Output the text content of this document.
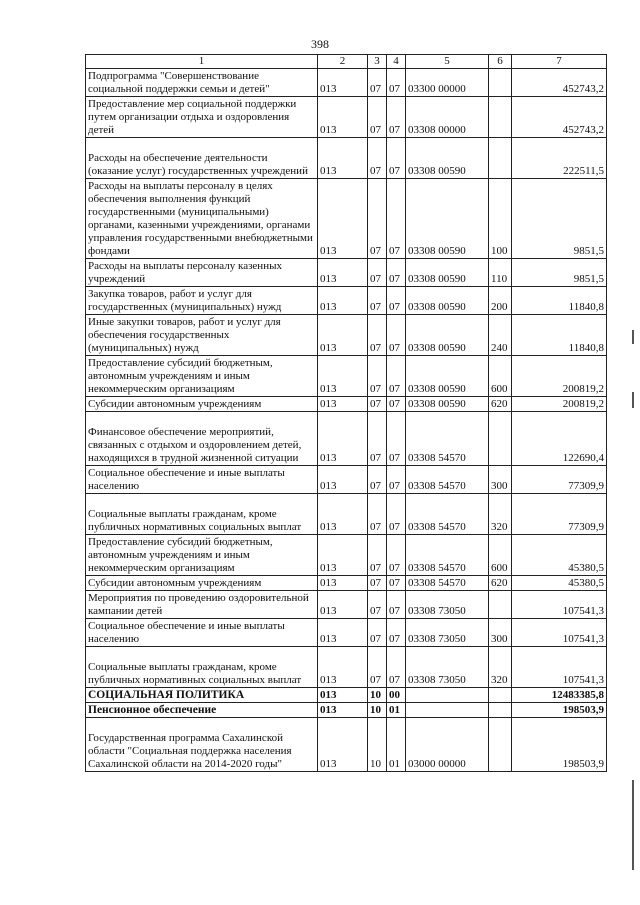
398
1	2	3	4	5	6	7
Подпрограмма "Совершенствование социальной поддержки семьи и детей"	013	07	07	03300 00000		452743,2
Предоставление мер социальной поддержки путем организации отдыха и оздоровления детей	013	07	07	03308 00000		452743,2
Расходы на обеспечение деятельности (оказание услуг) государственных учреждений	013	07	07	03308 00590		222511,5
Расходы на выплаты персоналу в целях обеспечения выполнения функций государственными (муниципальными) органами, казенными учреждениями, органами управления государственными внебюджетными фондами	013	07	07	03308 00590	100	9851,5
Расходы на выплаты персоналу казенных учреждений	013	07	07	03308 00590	110	9851,5
Закупка товаров, работ и услуг для государственных (муниципальных) нужд	013	07	07	03308 00590	200	11840,8
Иные закупки товаров, работ и услуг для обеспечения государственных (муниципальных) нужд	013	07	07	03308 00590	240	11840,8
Предоставление субсидий бюджетным, автономным учреждениям и иным некоммерческим организациям	013	07	07	03308 00590	600	200819,2
Субсидии автономным учреждениям	013	07	07	03308 00590	620	200819,2
Финансовое обеспечение мероприятий, связанных с отдыхом и оздоровлением детей, находящихся в трудной жизненной ситуации	013	07	07	03308 54570		122690,4
Социальное обеспечение и иные выплаты населению	013	07	07	03308 54570	300	77309,9
Социальные выплаты гражданам, кроме публичных нормативных социальных выплат	013	07	07	03308 54570	320	77309,9
Предоставление субсидий бюджетным, автономным учреждениям и иным некоммерческим организациям	013	07	07	03308 54570	600	45380,5
Субсидии автономным учреждениям	013	07	07	03308 54570	620	45380,5
Мероприятия по проведению оздоровительной кампании детей	013	07	07	03308 73050		107541,3
Социальное обеспечение и иные выплаты населению	013	07	07	03308 73050	300	107541,3
Социальные выплаты гражданам, кроме публичных нормативных социальных выплат	013	07	07	03308 73050	320	107541,3
СОЦИАЛЬНАЯ ПОЛИТИКА	013	10	00			12483385,8
Пенсионное обеспечение	013	10	01			198503,9
Государственная программа Сахалинской области "Социальная поддержка населения Сахалинской области на 2014-2020 годы"	013	10	01	03000 00000		198503,9
